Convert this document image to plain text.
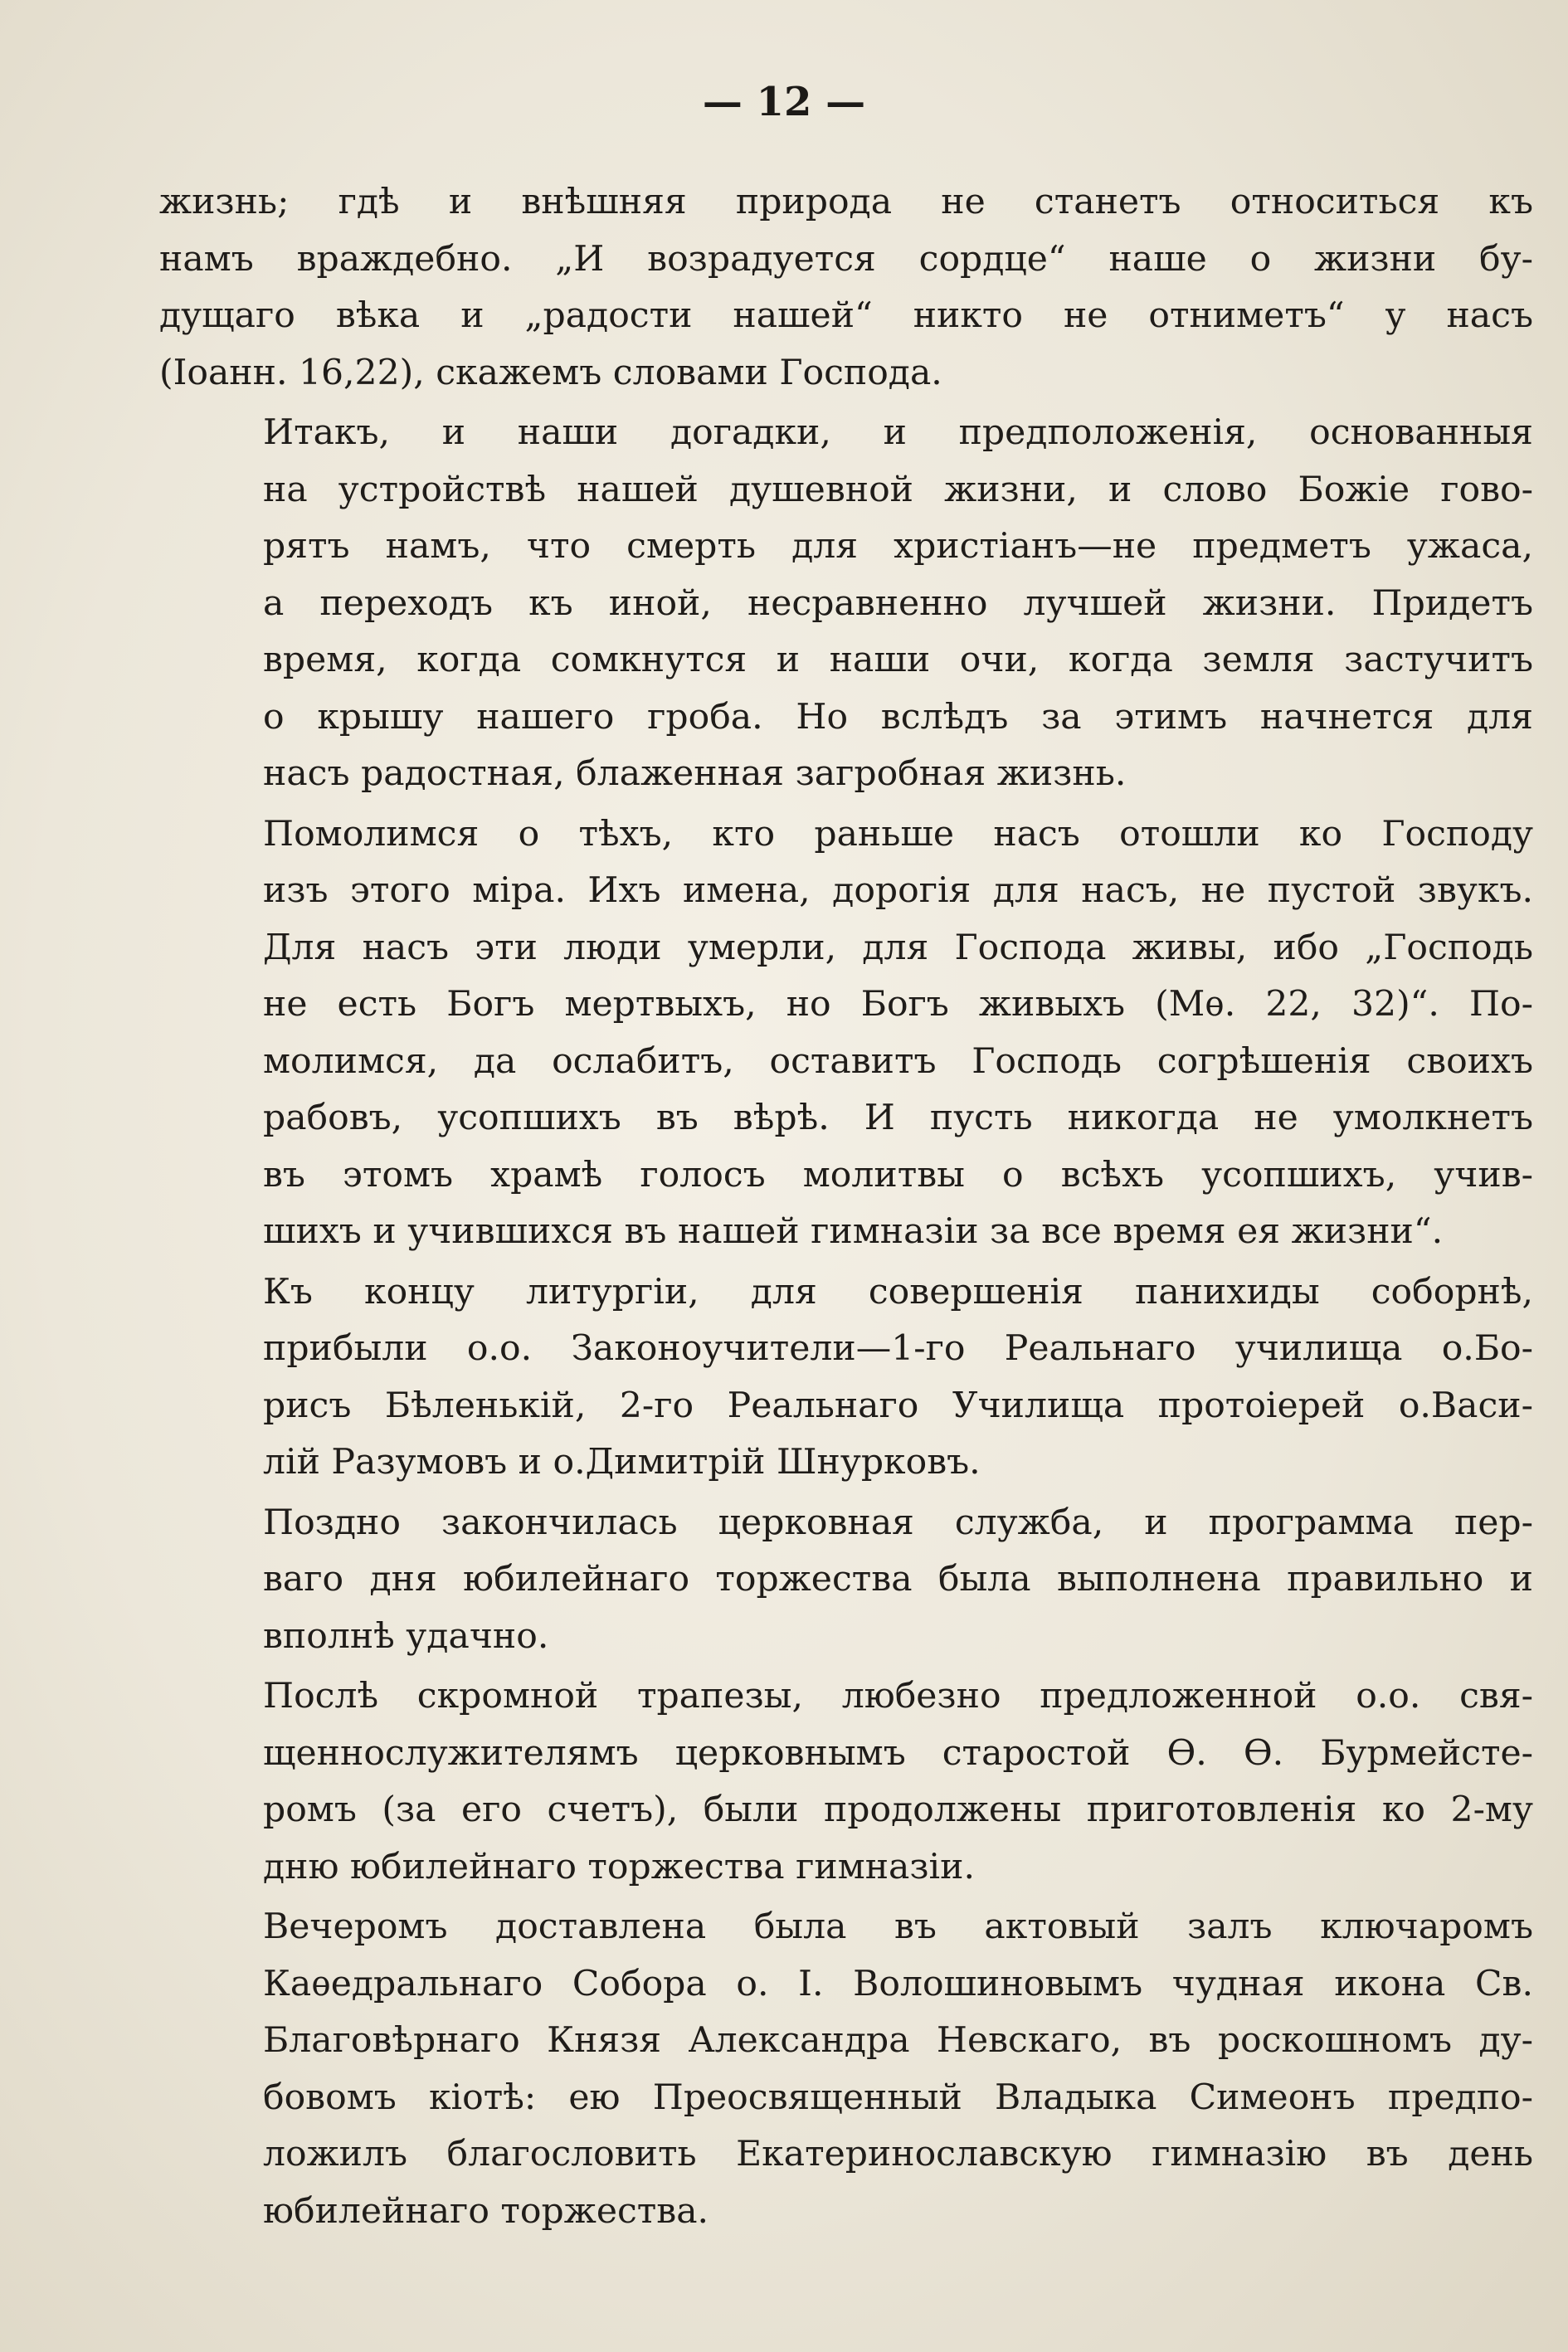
— 12 —

жизнь; гдѣ и внѣшняя природа не станетъ относиться къ
намъ враждебно. „И возрадуется сордце“ наше о жизни бу-
дущаго вѣка и „радости нашей“ никто не отниметъ“ у насъ
(Іоанн. 16,22), скажемъ словами Господа.

Итакъ, и наши догадки, и предположенія, основанныя
на устройствѣ нашей душевной жизни, и слово Божіе гово-
рятъ намъ, что смерть для христіанъ—не предметъ ужаса,
а переходъ къ иной, несравненно лучшей жизни. Придетъ
время, когда сомкнутся и наши очи, когда земля застучитъ
о крышу нашего гроба. Но вслѣдъ за этимъ начнется для
насъ радостная, блаженная загробная жизнь.

Помолимся о тѣхъ, кто раньше насъ отошли ко Господу
изъ этого міра. Ихъ имена, дорогія для насъ, не пустой звукъ.
Для насъ эти люди умерли, для Господа живы, ибо „Господь
не есть Богъ мертвыхъ, но Богъ живыхъ (Мѳ. 22, 32)“. По-
молимся, да ослабитъ, оставитъ Господь согрѣшенія своихъ
рабовъ, усопшихъ въ вѣрѣ. И пусть никогда не умолкнетъ
въ этомъ храмѣ голосъ молитвы о всѣхъ усопшихъ, учив-
шихъ и учившихся въ нашей гимназіи за все время ея жизни“.

Къ концу литургіи, для совершенія панихиды соборнѣ,
прибыли о.о. Законоучители—1-го Реальнаго училища о.Бо-
рисъ Бѣленькій, 2-го Реальнаго Училища протоіерей о.Васи-
лій Разумовъ и о.Димитрій Шнурковъ.

Поздно закончилась церковная служба, и программа пер-
ваго дня юбилейнаго торжества была выполнена правильно и
вполнѣ удачно.

Послѣ скромной трапезы, любезно предложенной о.о. свя-
щеннослужителямъ церковнымъ старостой Ѳ. Ѳ. Бурмейсте-
ромъ (за его счетъ), были продолжены приготовленія ко 2-му
дню юбилейнаго торжества гимназіи.

Вечеромъ доставлена была въ актовый залъ ключаромъ
Каѳедральнаго Собора о. І. Волошиновымъ чудная икона Св.
Благовѣрнаго Князя Александра Невскаго, въ роскошномъ ду-
бовомъ кіотѣ: ею Преосвященный Владыка Симеонъ предпо-
ложилъ благословить Екатеринославскую гимназію въ день
юбилейнаго торжества.
